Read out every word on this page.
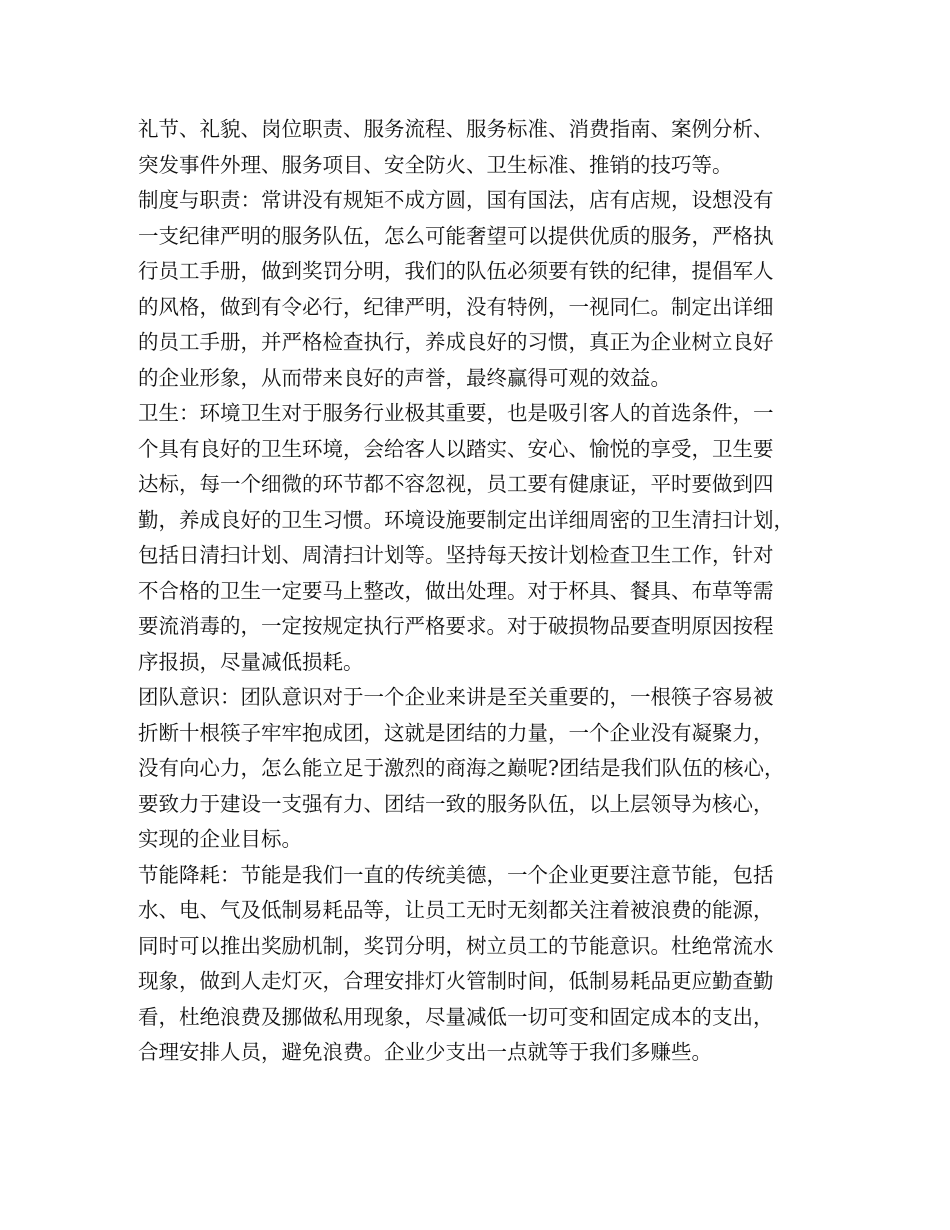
礼节、礼貌、岗位职责、服务流程、服务标准、消费指南、案例分析、
突发事件外理、服务项目、安全防火、卫生标准、推销的技巧等。
制度与职责：常讲没有规矩不成方圆，国有国法，店有店规，设想没有
一支纪律严明的服务队伍，怎么可能奢望可以提供优质的服务，严格执
行员工手册，做到奖罚分明，我们的队伍必须要有铁的纪律，提倡军人
的风格，做到有令必行，纪律严明，没有特例，一视同仁。制定出详细
的员工手册，并严格检查执行，养成良好的习惯，真正为企业树立良好
的企业形象，从而带来良好的声誉，最终赢得可观的效益。
卫生：环境卫生对于服务行业极其重要，也是吸引客人的首选条件，一
个具有良好的卫生环境，会给客人以踏实、安心、愉悦的享受，卫生要
达标，每一个细微的环节都不容忽视，员工要有健康证，平时要做到四
勤，养成良好的卫生习惯。环境设施要制定出详细周密的卫生清扫计划，
包括日清扫计划、周清扫计划等。坚持每天按计划检查卫生工作，针对
不合格的卫生一定要马上整改，做出处理。对于杯具、餐具、布草等需
要流消毒的，一定按规定执行严格要求。对于破损物品要查明原因按程
序报损，尽量减低损耗。
团队意识：团队意识对于一个企业来讲是至关重要的，一根筷子容易被
折断十根筷子牢牢抱成团，这就是团结的力量，一个企业没有凝聚力，
没有向心力，怎么能立足于激烈的商海之巅呢?团结是我们队伍的核心，
要致力于建设一支强有力、团结一致的服务队伍，以上层领导为核心，
实现的企业目标。
节能降耗：节能是我们一直的传统美德，一个企业更要注意节能，包括
水、电、气及低制易耗品等，让员工无时无刻都关注着被浪费的能源，
同时可以推出奖励机制，奖罚分明，树立员工的节能意识。杜绝常流水
现象，做到人走灯灭，合理安排灯火管制时间，低制易耗品更应勤查勤
看，杜绝浪费及挪做私用现象，尽量减低一切可变和固定成本的支出，
合理安排人员，避免浪费。企业少支出一点就等于我们多赚些。
